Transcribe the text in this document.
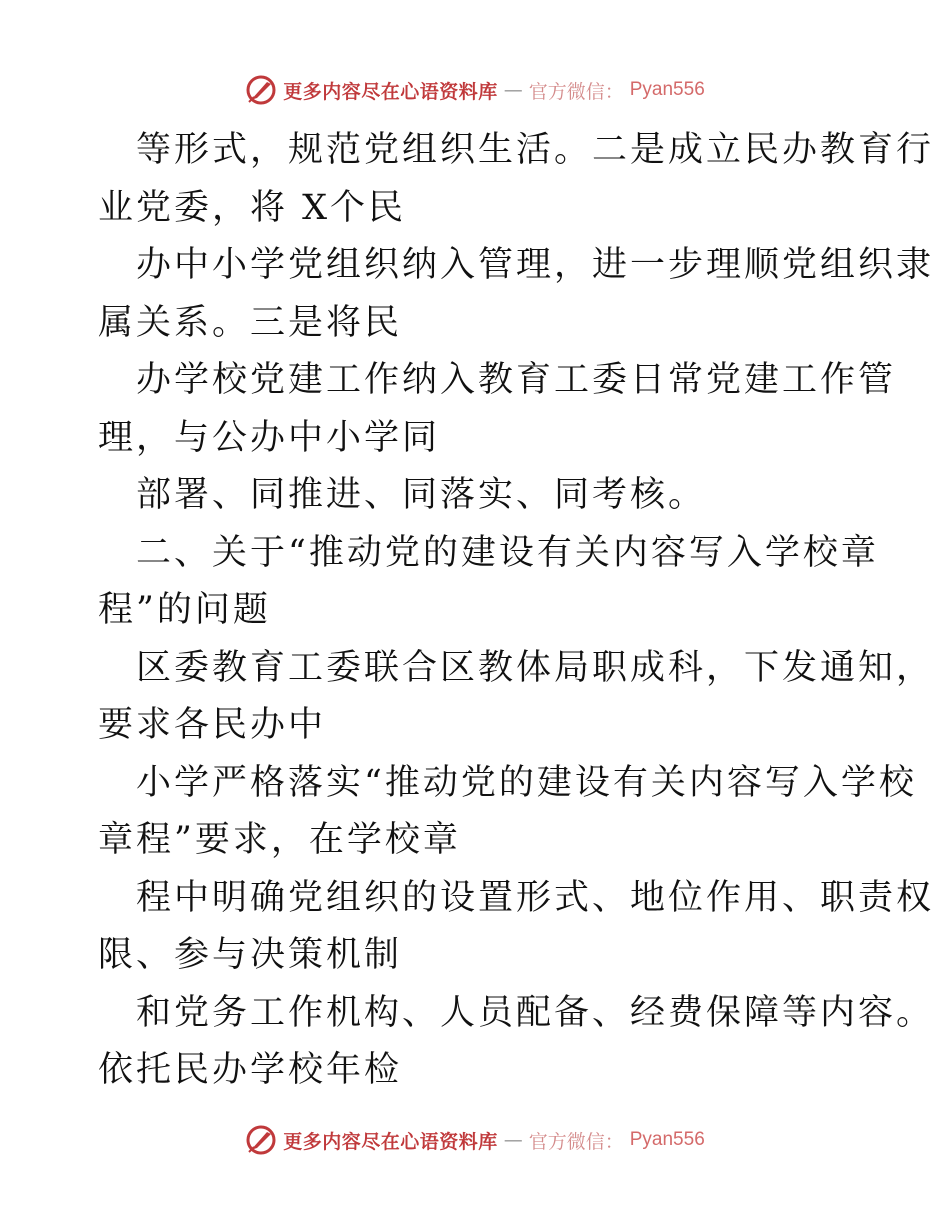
更多内容尽在心语资料库 — 官方微信： Pyan556
等形式，规范党组织生活。二是成立民办教育行
业党委，将 X个民
办中小学党组织纳入管理，进一步理顺党组织隶
属关系。三是将民
办学校党建工作纳入教育工委日常党建工作管
理，与公办中小学同
部署、同推进、同落实、同考核。
二、关于“推动党的建设有关内容写入学校章
程”的问题
区委教育工委联合区教体局职成科，下发通知，
要求各民办中
小学严格落实“推动党的建设有关内容写入学校
章程”要求，在学校章
程中明确党组织的设置形式、地位作用、职责权
限、参与决策机制
和党务工作机构、人员配备、经费保障等内容。
依托民办学校年检
更多内容尽在心语资料库 — 官方微信： Pyan556
